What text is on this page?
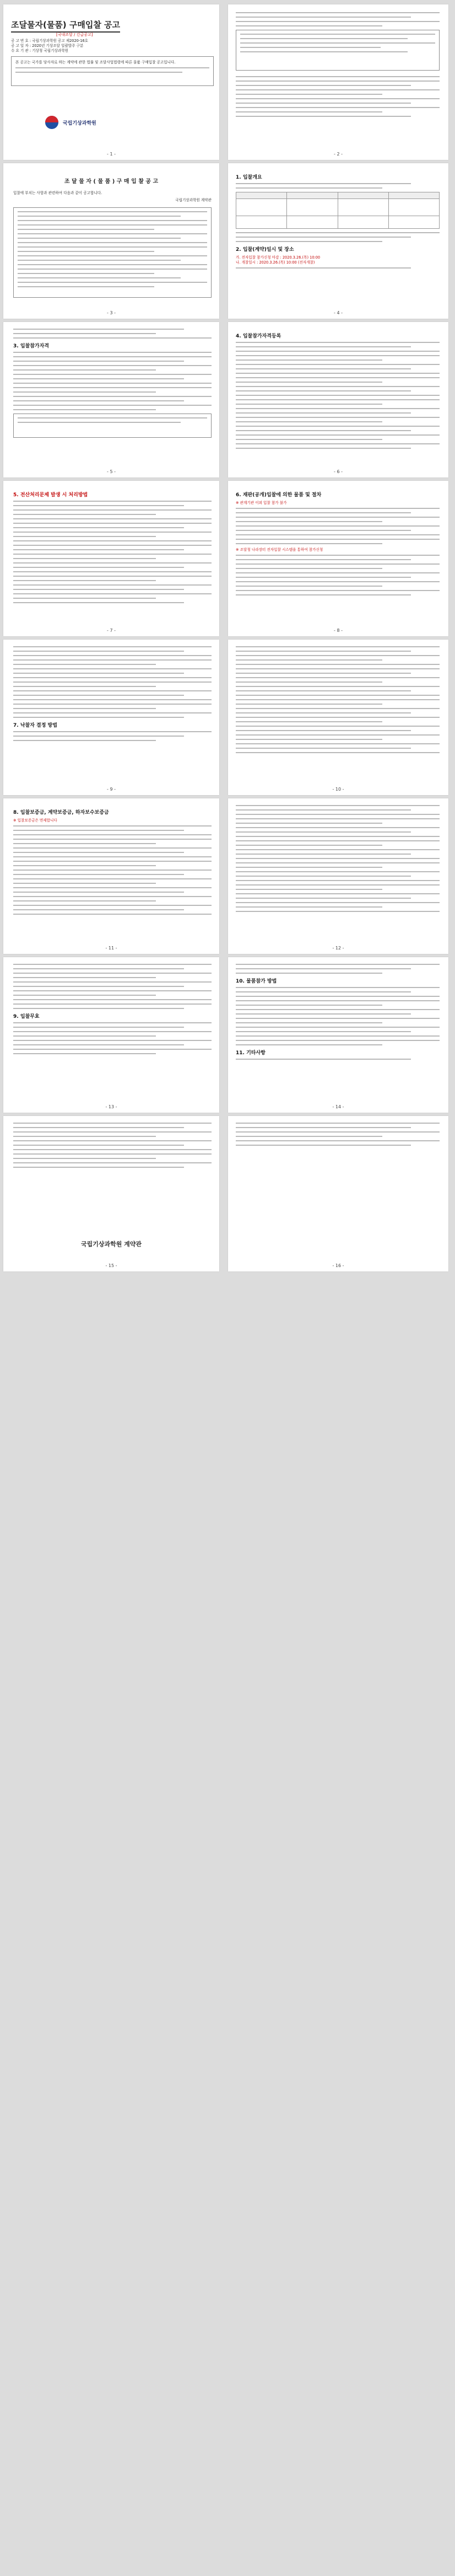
조달물자(물품) 구매입찰 공고
[국내조달 / 긴급공고]
공 고 번 호 : 국립기상과학원 공고 제2020-16호
공 고 일 자 : 2020년 기상조달 일괄발주 구분
수 요 기 관 : 기상청 국립기상과학원
본 공고는 국가를 당사자로 하는 계약에 관한 법률 및 조달사업법령에 따른 물품 구매입찰 공고입니다.
국립기상과학원
- 1 -	- 2 -
조 달 물 자 ( 물 품 ) 구 매 입 찰 공 고
입찰에 부치는 사항과 관련하여 다음과 같이 공고합니다.
국립기상과학원 계약관
- 3 -
1. 입찰개요

2. 입찰(계약)일시 및 장소
가. 전자입찰 참가신청 마감 : 2020.3.26.(목) 10:00
나. 개찰일시 : 2020.3.26.(목) 10:00 (전자개찰)
- 4 -
3. 입찰참가자격
- 5 -
4. 입찰참가자격등록
- 6 -
5. 전산처리문제 발생 시 처리방법
- 7 -
6. 재판(공개)입찰에 의한 물품 및 절차
※ 관계기관 이외 입찰 참가 불가
※ 조달청 나라장터 전자입찰 시스템을 통하여 참가신청
- 8 -
7. 낙찰자 결정 방법
- 9 -	- 10 -
8. 입찰보증금, 계약보증금, 하자보수보증금
※ 입찰보증금은 면제합니다
- 11 -	- 12 -
9. 입찰무효
- 13 -
10. 물품참가 방법
11. 기타사항
- 14 -
국립기상과학원 계약관
- 15 -	- 16 -
